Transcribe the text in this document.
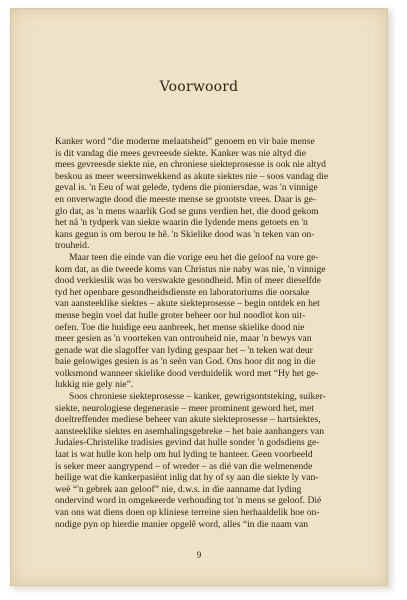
Voorwoord
Kanker word “die moderne melaatsheid” genoem en vir baie mense
is dit vandag die mees gevreesde siekte. Kanker was nie altyd die
mees gevreesde siekte nie, en chroniese siekteprosesse is ook nie altyd
beskou as meer weersinwekkend as akute siektes nie – soos vandag die
geval is. 'n Eeu of wat gelede, tydens die pioniersdae, was 'n vinnige
en onverwagte dood die meeste mense se grootste vrees. Daar is ge-
glo dat, as 'n mens waarlik God se guns verdien het, die dood gekom
het ná 'n tydperk van siekte waarin die lydende mens getoets en 'n
kans gegun is om berou te hê. 'n Skielike dood was 'n teken van on-
trouheid.
Maar teen die einde van die vorige eeu het die geloof na vore ge-
kom dat, as die tweede koms van Christus nie naby was nie, 'n vinnige
dood verkieslik was bo verswakte gesondheid. Min of meer dieselfde
tyd het openbare gesondheidsdienste en laboratoriums die oorsake
van aansteeklike siektes – akute siekteprosesse – begin ontdek en het
mense begin voel dat hulle groter beheer oor hul noodlot kon uit-
oefen. Toe die huidige eeu aanbreek, het mense skielike dood nie
meer gesien as 'n voorteken van ontrouheid nie, maar 'n bewys van
genade wat die slagoffer van lyding gespaar het – 'n teken wat deur
baie gelowiges gesien is as 'n seën van God. Ons hoor dit nog in die
volksmond wanneer skielike dood verduidelik word met “Hy het ge-
lukkig nie gely nie”.
Soos chroniese siekteprosesse – kanker, gewrigsontsteking, suiker-
siekte, neurologiese degenerasie – meer prominent geword het, met
doeltreffender mediese beheer van akute siekteprosesse – hartsiektes,
aansteeklike siektes en asemhalingsgebreke – het baie aanhangers van
Judaïes-Christelike tradisies gevind dat hulle sonder 'n godsdiens ge-
laat is wat hulle kon help om hul lyding te hanteer. Geen voorbeeld
is seker meer aangrypend – of wreder – as dié van die welmenende
heilige wat die kankerpasiënt inlig dat hy of sy aan die siekte ly van-
weë “'n gebrek aan geloof” nie, d.w.s. in die aanname dat lyding
ondervind word in omgekeerde verhouding tot 'n mens se geloof. Dié
van ons wat diens doen op kliniese terreine sien herhaaldelik hoe on-
nodige pyn op hierdie manier opgelê word, alles “in die naam van
9
